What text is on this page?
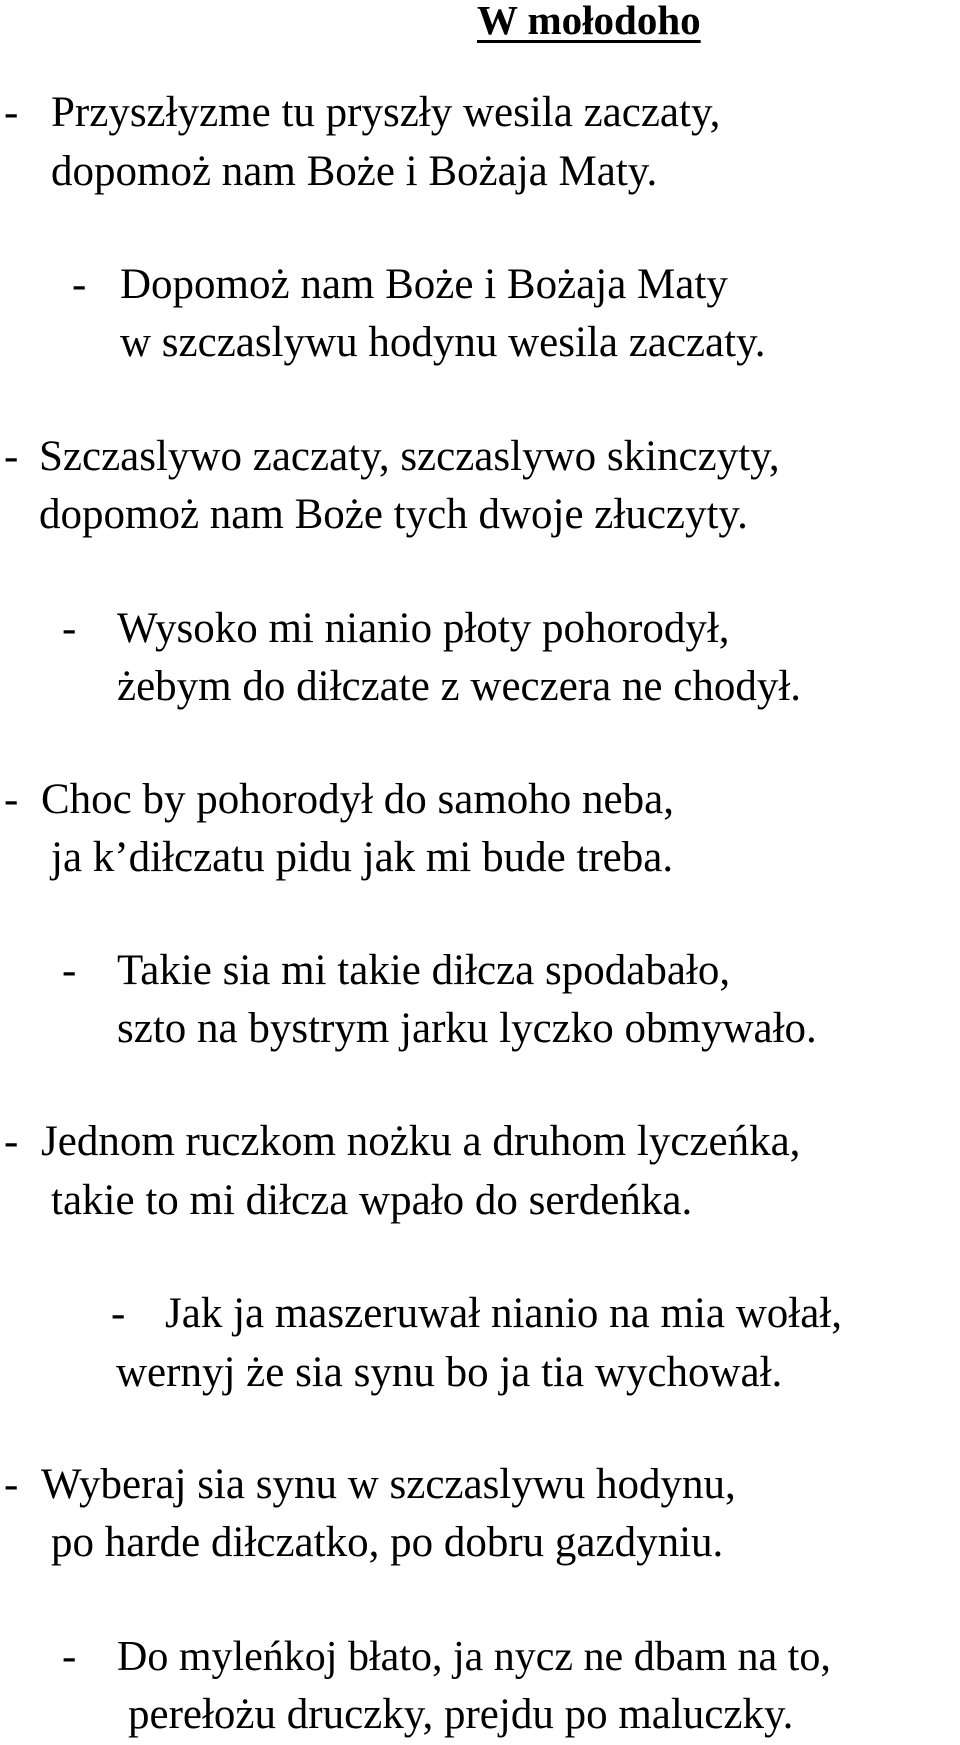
W mołodoho
- Przyszłyzme tu pryszły wesila zaczaty,
dopomoż nam Boże i Bożaja Maty.
- Dopomoż nam Boże i Bożaja Maty
w szczaslywu hodynu wesila zaczaty.
- Szczaslywo zaczaty, szczaslywo skinczyty,
dopomoż nam Boże tych dwoje złuczyty.
- Wysoko mi nianio płoty pohorodył,
żebym do diłczate z weczera ne chodył.
- Choc by pohorodył do samoho neba,
ja k’diłczatu pidu jak mi bude treba.
- Takie sia mi takie diłcza spodabało,
szto na bystrym jarku lyczko obmywało.
- Jednom ruczkom nożku a druhom lyczeńka,
takie to mi diłcza wpało do serdeńka.
- Jak ja maszeruwał nianio na mia wołał,
wernyj że sia synu bo ja tia wychował.
- Wyberaj sia synu w szczaslywu hodynu,
po harde diłczatko, po dobru gazdyniu.
- Do myleńkoj błato, ja nycz ne dbam na to,
perełożu druczky, prejdu po maluczky.
